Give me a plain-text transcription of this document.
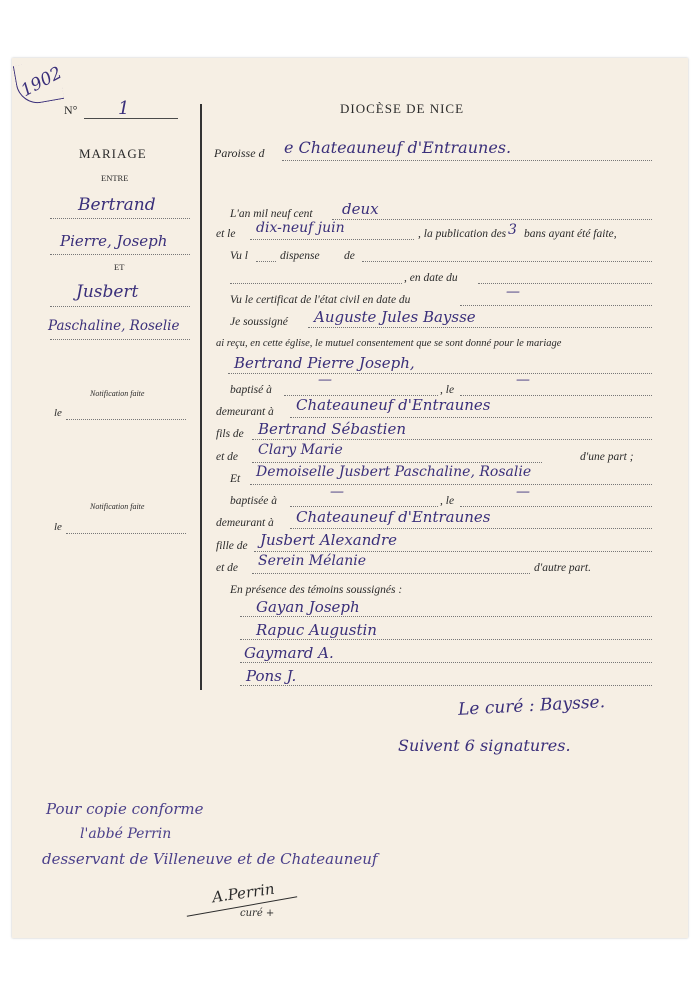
1902
N° 1
MARIAGE
ENTRE
Bertrand
Pierre, Joseph
ET
Jusbert
Paschaline, Roselie
Notification faite
le
Notification faite
le
DIOCÈSE DE NICE
Paroisse d e Chateauneuf d'Entraunes.
L'an mil neuf cent deux
et le dix-neuf juin	, la publication des 3 bans ayant été faite,
Vu l	dispense de
, en date du
Vu le certificat de l'état civil en date du	—
Je soussigné Auguste Jules Baysse
ai reçu, en cette église, le mutuel consentement que se sont donné pour le mariage
Bertrand Pierre Joseph,
baptisé à
—
, le
—
demeurant à Chateauneuf d'Entraunes
fils de Bertrand Sébastien
et de Clary Marie	d'une part ;
Et Demoiselle Jusbert Paschaline, Rosalie
baptisée à
—
, le
—
demeurant à Chateauneuf d'Entraunes
fille de Jusbert Alexandre
et de Serein Mélanie	d'autre part.
En présence des témoins soussignés :
Gayan Joseph
Rapuc Augustin
Gaymard A.
Pons J.
Le curé : Baysse.
Suivent 6 signatures.
Pour copie conforme
l'abbé Perrin
desservant de Villeneuve et de Chateauneuf
A.Perrin
curé +
